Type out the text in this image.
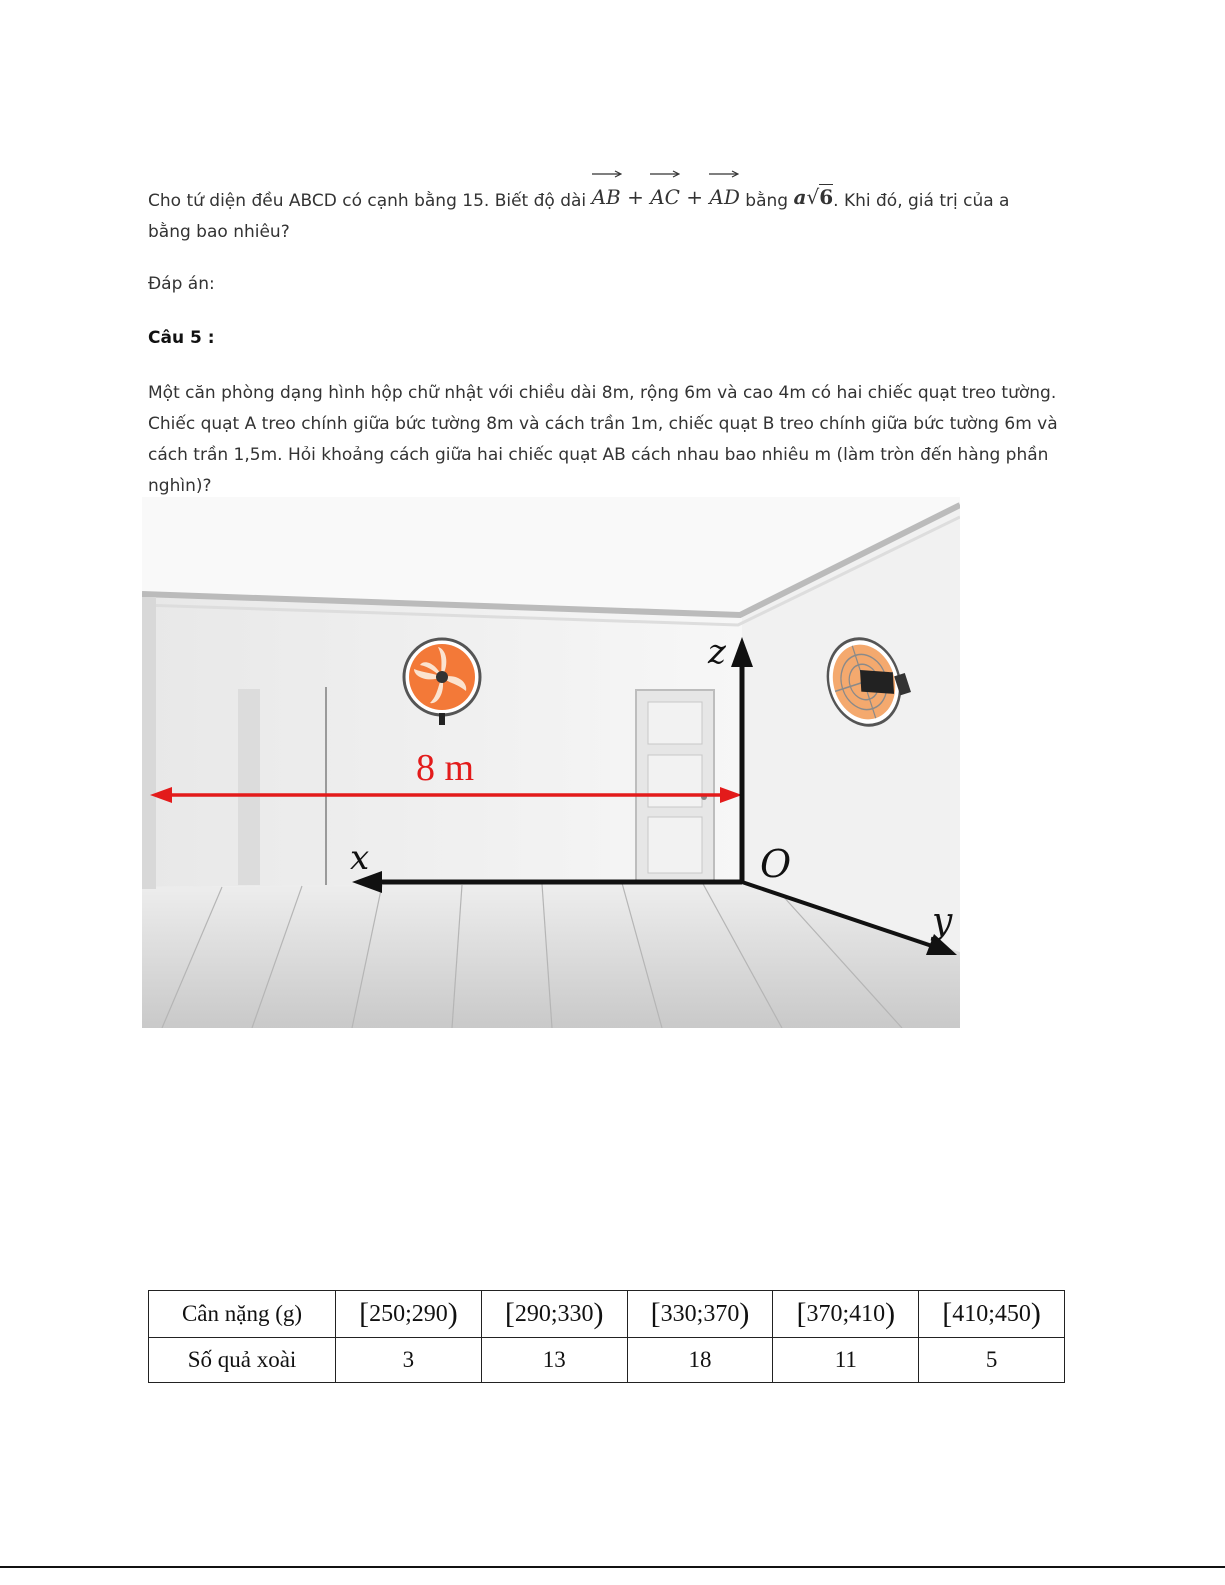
Cho tứ diện đều ABCD có cạnh bằng 15. Biết độ dài
AB + AC + AD bằng a√6. Khi đó, giá trị của a bằng bao nhiêu?

Đáp án:

Câu 5 :

Một căn phòng dạng hình hộp chữ nhật với chiều dài 8m, rộng 6m và cao 4m có hai chiếc quạt treo tường. Chiếc quạt A treo chính giữa bức tường 8m và cách trần 1m, chiếc quạt B treo chính giữa bức tường 6m và cách trần 1,5m. Hỏi khoảng cách giữa hai chiếc quạt AB cách nhau bao nhiêu m (làm tròn đến hàng phần nghìn)?

8 m
x
z
y
O
Cân nặng (g)	[250;290)	[290;330)	[330;370)	[370;410)	[410;450)
Số quả xoài	3	13	18	11	5
